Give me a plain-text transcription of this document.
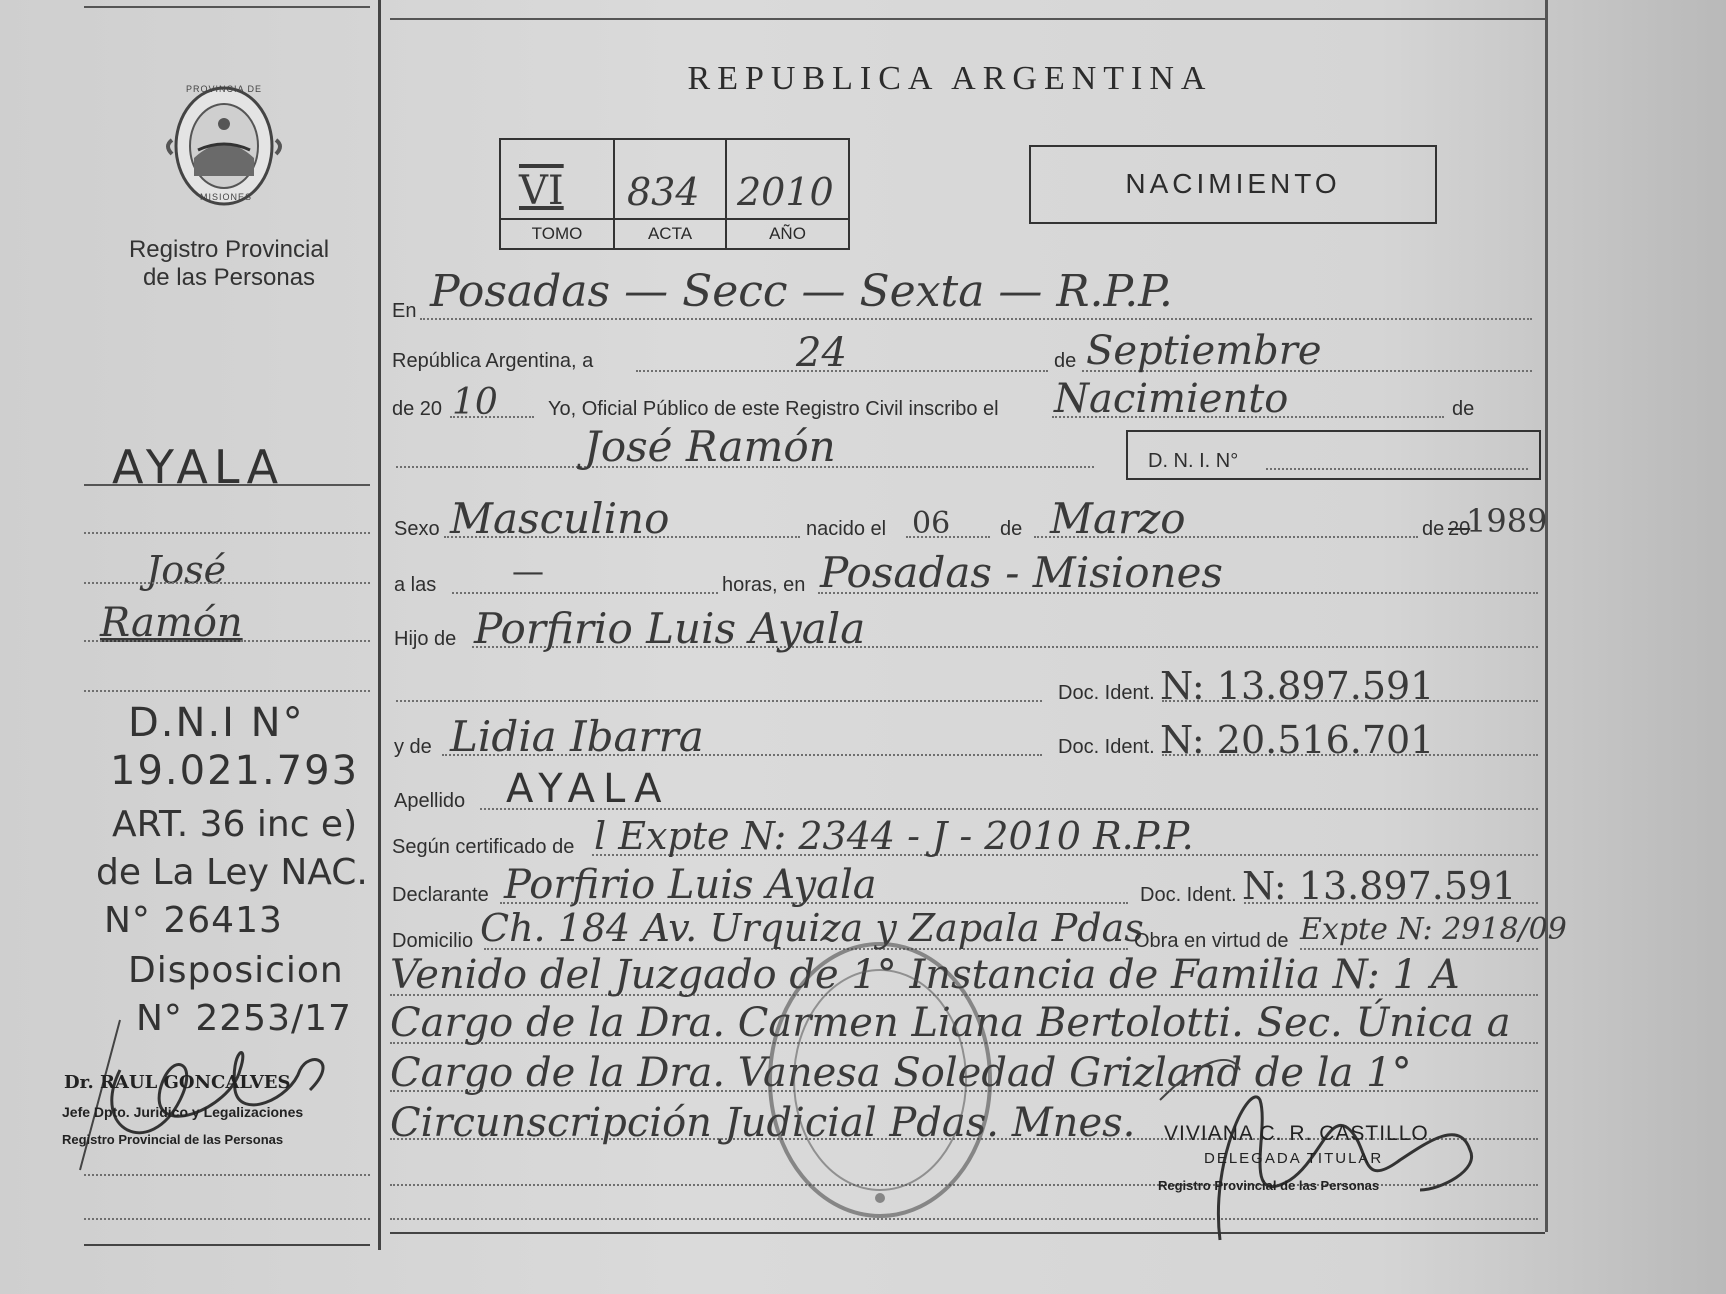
PROVINCIA DE
MISIONES
Registro Provincial
de las Personas
REPUBLICA ARGENTINA
VI 834 2010
TOMO	ACTA	AÑO
NACIMIENTO
AYALA
José
Ramón
D.N.I N°
19.021.793
ART. 36 inc e)
de La Ley NAC.
N° 26413
Disposicion
N° 2253/17
Dr. RAUL GONCALVES
Jefe Dpto. Juridico y Legalizaciones
Registro Provincial de las Personas
En Posadas — Secc — Sexta — R.P.P.
República Argentina, a	24	de Septiembre
de 20 10	Yo, Oficial Público de este Registro Civil inscribo el Nacimiento	de
José Ramón	D. N. I. N°
Sexo Masculino	nacido el 06 de Marzo	de 20
1989
a las —	horas, en Posadas - Misiones
Hijo de Porfirio Luis Ayala
Doc. Ident. N: 13.897.591
y de Lidia Ibarra	Doc. Ident. N: 20.516.701
Apellido AYALA
Según certificado de l Expte N: 2344 - J - 2010 R.P.P.
Declarante Porfirio Luis Ayala	Doc. Ident. N: 13.897.591
Domicilio Ch. 184 Av. Urquiza y Zapala Pdas
Obra en virtud de Expte N: 2918/09
Venido del Juzgado de 1° Instancia de Familia N: 1 A
Cargo de la Dra. Carmen Liana Bertolotti. Sec. Única a
Cargo de la Dra. Vanesa Soledad Grizland de la 1°
Circunscripción Judicial Pdas. Mnes. VIVIANA C. R. CASTILLO
DELEGADA TITULAR
Registro Provincial de las Personas
